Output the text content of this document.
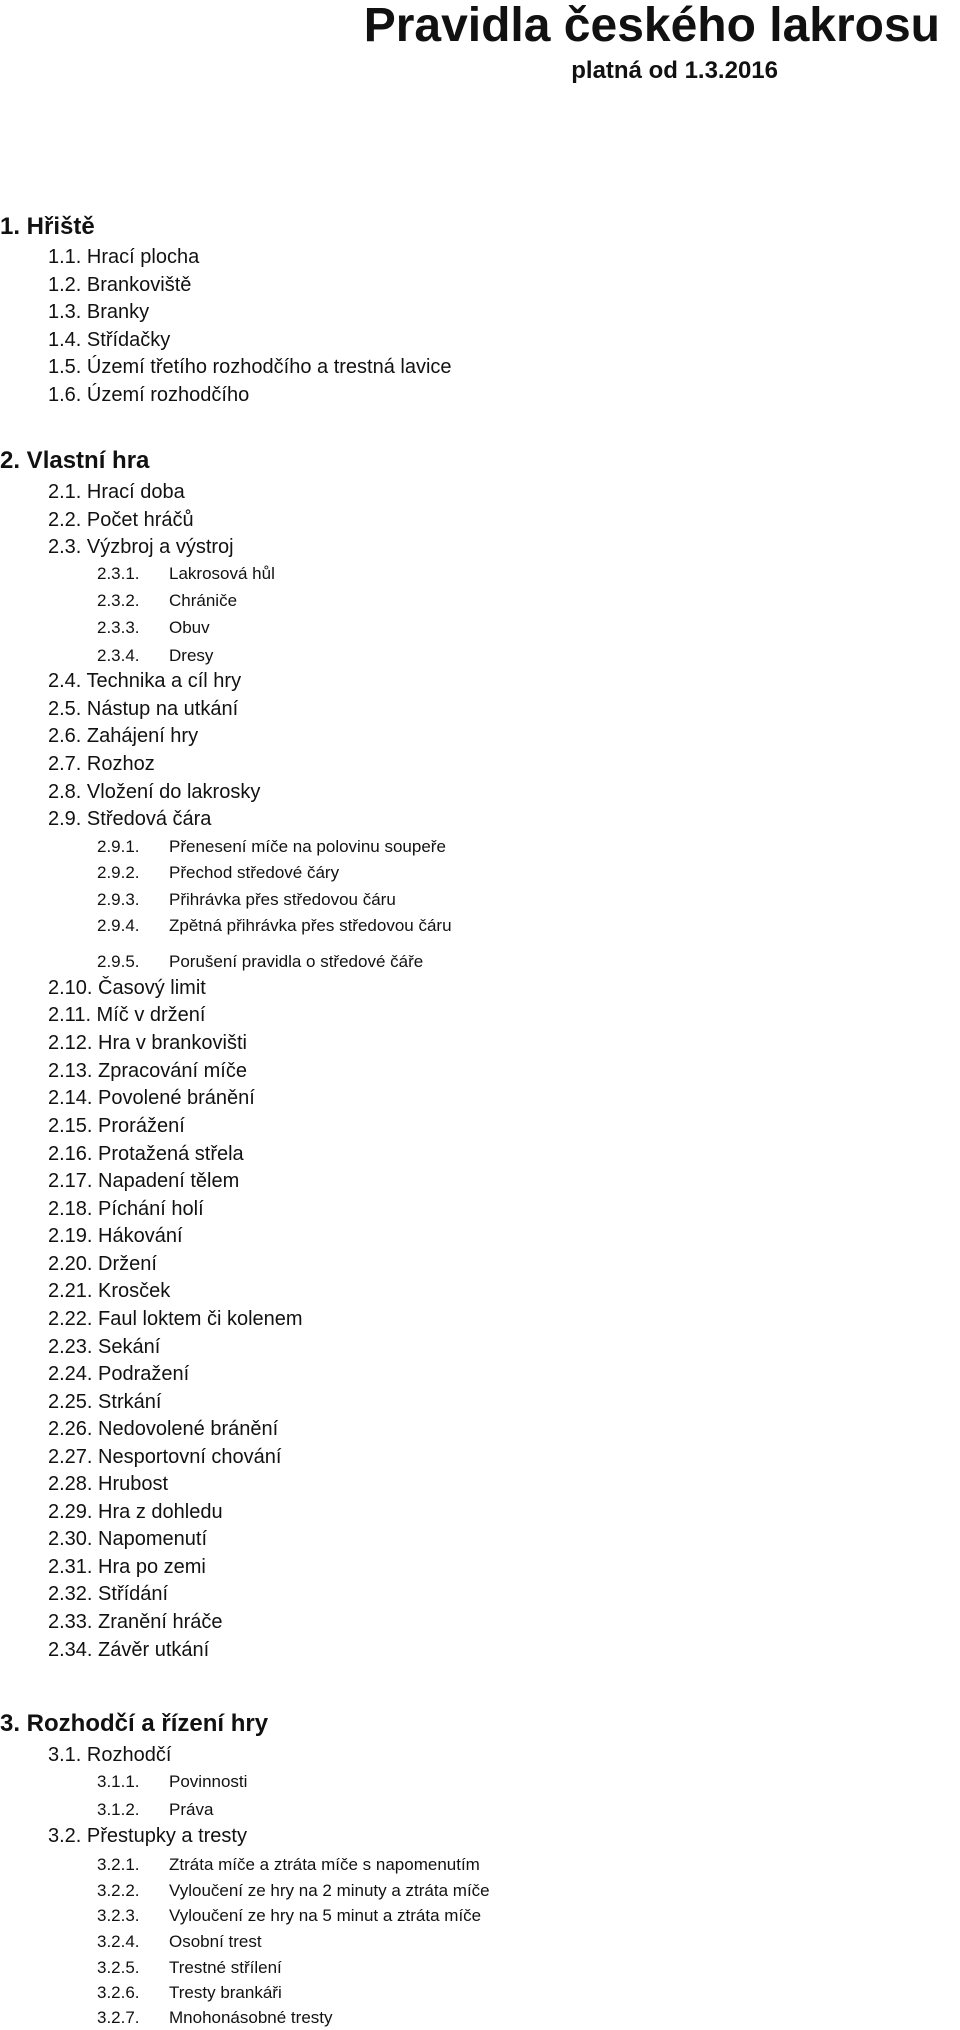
Pravidla českého lakrosu
platná od 1.3.2016
1. Hřiště
1.1. Hrací plocha
1.2. Brankoviště
1.3. Branky
1.4. Střídačky
1.5. Území třetího rozhodčího a trestná lavice
1.6. Území rozhodčího
2. Vlastní hra
2.1. Hrací doba
2.2. Počet hráčů
2.3. Výzbroj a výstroj
2.3.1. Lakrosová hůl
2.3.2. Chrániče
2.3.3. Obuv
2.3.4. Dresy
2.4. Technika a cíl hry
2.5. Nástup na utkání
2.6. Zahájení hry
2.7. Rozhoz
2.8. Vložení do lakrosky
2.9. Středová čára
2.9.1. Přenesení míče na polovinu soupeře
2.9.2. Přechod středové čáry
2.9.3. Přihrávka přes středovou čáru
2.9.4. Zpětná přihrávka přes středovou čáru
2.9.5. Porušení pravidla o středové čáře
2.10. Časový limit
2.11. Míč v držení
2.12. Hra v brankovišti
2.13. Zpracování míče
2.14. Povolené bránění
2.15. Prorážení
2.16. Protažená střela
2.17. Napadení tělem
2.18. Píchání holí
2.19. Hákování
2.20. Držení
2.21. Krosček
2.22. Faul loktem či kolenem
2.23. Sekání
2.24. Podražení
2.25. Strkání
2.26. Nedovolené bránění
2.27. Nesportovní chování
2.28. Hrubost
2.29. Hra z dohledu
2.30. Napomenutí
2.31. Hra po zemi
2.32. Střídání
2.33. Zranění hráče
2.34. Závěr utkání
3. Rozhodčí a řízení hry
3.1. Rozhodčí
3.1.1. Povinnosti
3.1.2. Práva
3.2. Přestupky a tresty
3.2.1. Ztráta míče a ztráta míče s napomenutím
3.2.2. Vyloučení ze hry na 2 minuty a ztráta míče
3.2.3. Vyloučení ze hry na 5 minut a ztráta míče
3.2.4. Osobní trest
3.2.5. Trestné střílení
3.2.6. Tresty brankáři
3.2.7. Mnohonásobné tresty
